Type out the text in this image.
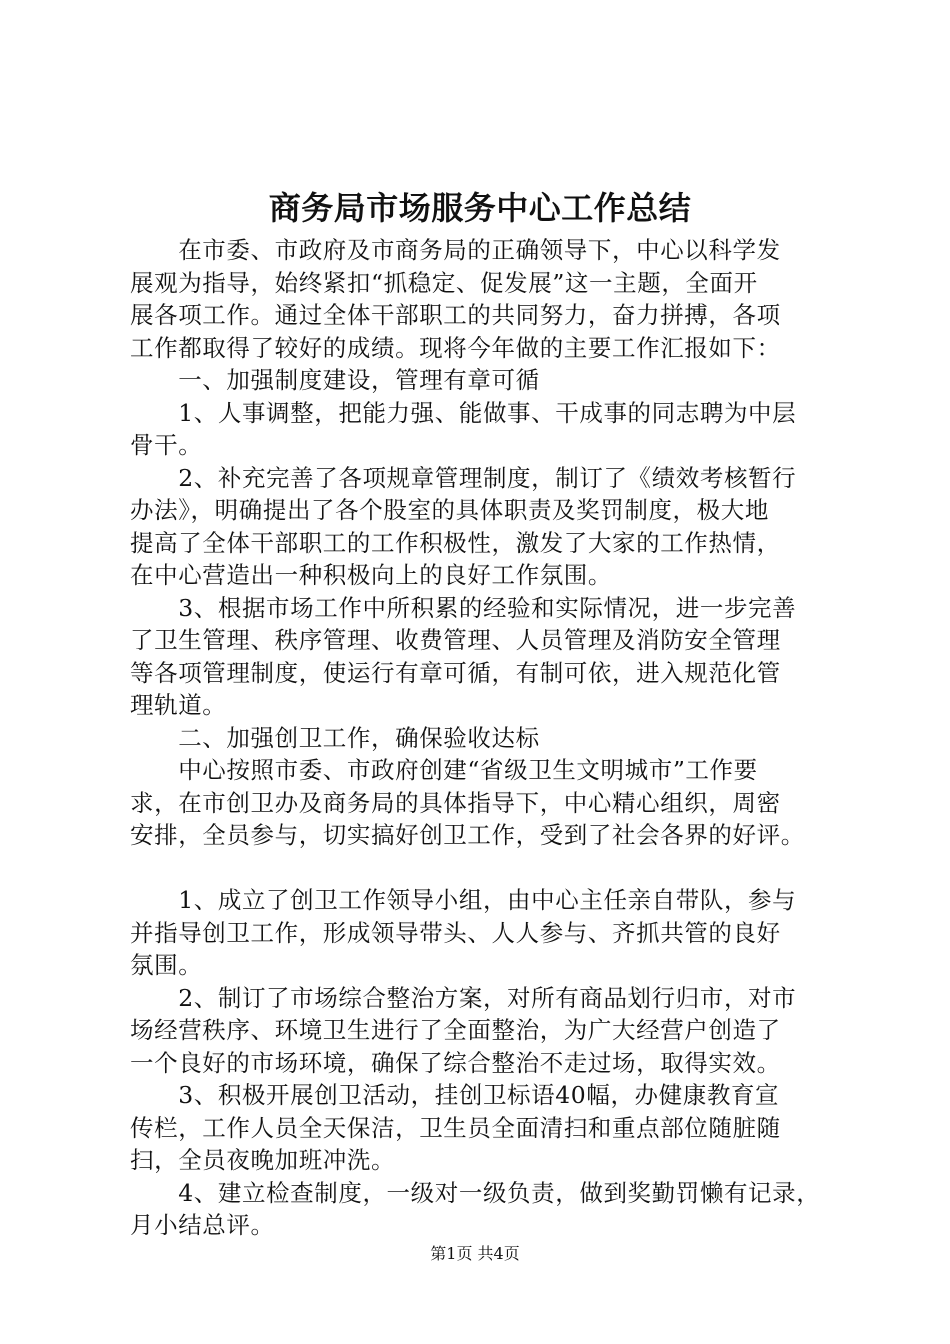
商务局市场服务中心工作总结
　　在市委、市政府及市商务局的正确领导下，中心以科学发
展观为指导，始终紧扣“抓稳定、促发展”这一主题，全面开
展各项工作。通过全体干部职工的共同努力，奋力拼搏，各项
工作都取得了较好的成绩。现将今年做的主要工作汇报如下：
　　一、加强制度建设，管理有章可循
　　1、人事调整，把能力强、能做事、干成事的同志聘为中层
骨干。
　　2、补充完善了各项规章管理制度，制订了《绩效考核暂行
办法》，明确提出了各个股室的具体职责及奖罚制度，极大地
提高了全体干部职工的工作积极性，激发了大家的工作热情，
在中心营造出一种积极向上的良好工作氛围。
　　3、根据市场工作中所积累的经验和实际情况，进一步完善
了卫生管理、秩序管理、收费管理、人员管理及消防安全管理
等各项管理制度，使运行有章可循，有制可依，进入规范化管
理轨道。
　　二、加强创卫工作，确保验收达标
　　中心按照市委、市政府创建“省级卫生文明城市”工作要
求，在市创卫办及商务局的具体指导下，中心精心组织，周密
安排，全员参与，切实搞好创卫工作，受到了社会各界的好评。
　　1、成立了创卫工作领导小组，由中心主任亲自带队，参与
并指导创卫工作，形成领导带头、人人参与、齐抓共管的良好
氛围。
　　2、制订了市场综合整治方案，对所有商品划行归市，对市
场经营秩序、环境卫生进行了全面整治，为广大经营户创造了
一个良好的市场环境，确保了综合整治不走过场，取得实效。
　　3、积极开展创卫活动，挂创卫标语40幅，办健康教育宣
传栏，工作人员全天保洁，卫生员全面清扫和重点部位随脏随
扫，全员夜晚加班冲洗。
　　4、建立检查制度，一级对一级负责，做到奖勤罚懒有记录，
月小结总评。
第1页 共4页
